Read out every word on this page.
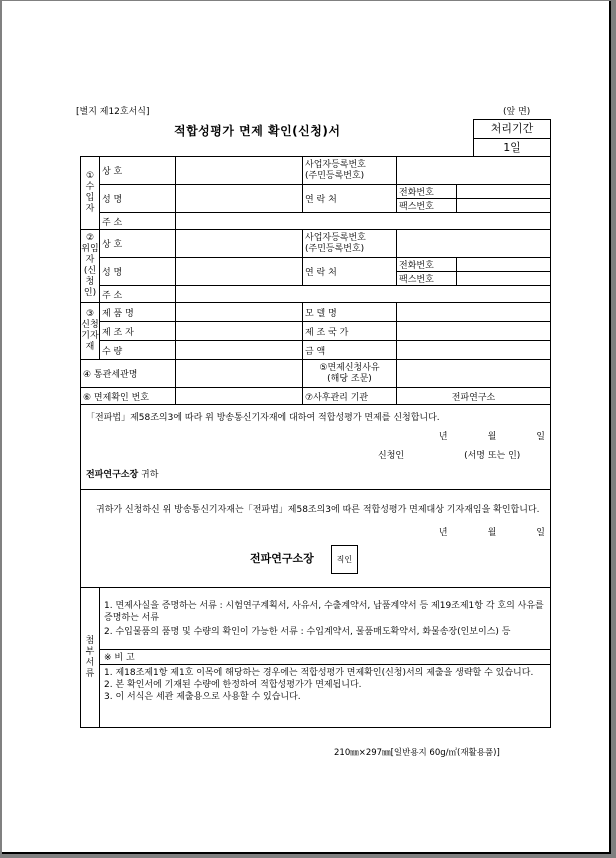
[별지 제12호서식]	(앞 면)
적합성평가 면제 확인(신청)서	처리기간
1일
① 수 입 자	상 호		사업자등록번호
(주민등록번호)		

	성 명		연 락 처	전화번호	
				팩스번호	
	주 소				
② 위임자(신청인)	상 호		사업자등록번호
(주민등록번호)		

	성 명		연 락 처	전화번호	
				팩스번호	
	주 소				
③ 신청기자재	제 품 명		모 델 명		
	제 조 자		제 조 국 가		
	수 량		금 액		
④ 통관세관명			⑤면제신청사유
(해당 조문)		

⑥ 면제확인 번호			⑦사후관리 기관	전파연구소	

「전파법」제58조의3에 따라 위 방송통신기자재에 대하여 적합성평가 면제를 신청합니다.
년 월 일
신청인 (서명 또는 인)
전파연구소장 귀하					

귀하가 신청하신 위 방송통신기자재는「전파법」제58조의3에 따른 적합성평가 면제대상 기자재임을 확인합니다.
년 월 일
전파연구소장 직인					

첨 부 서 류	1. 면제사실을 증명하는 서류 : 시험연구계획서, 사유서, 수출계약서, 납품계약서 등 제19조제1항 각 호의 사유를 증명하는 서류
2. 수입물품의 품명 및 수량의 확인이 가능한 서류 : 수입계약서, 물품매도확약서, 화물송장(인보이스) 등				

	※ 비 고
1. 제18조제1항 제1호 이목에 해당하는 경우에는 적합성평가 면제확인(신청)서의 제출을 생략할 수 있습니다.
2. 본 확인서에 기재된 수량에 한정하여 적합성평가가 면제됩니다.
3. 이 서식은 세관 제출용으로 사용할 수 있습니다.				
210㎜×297㎜[일반용지 60g/㎡(재활용품)]
